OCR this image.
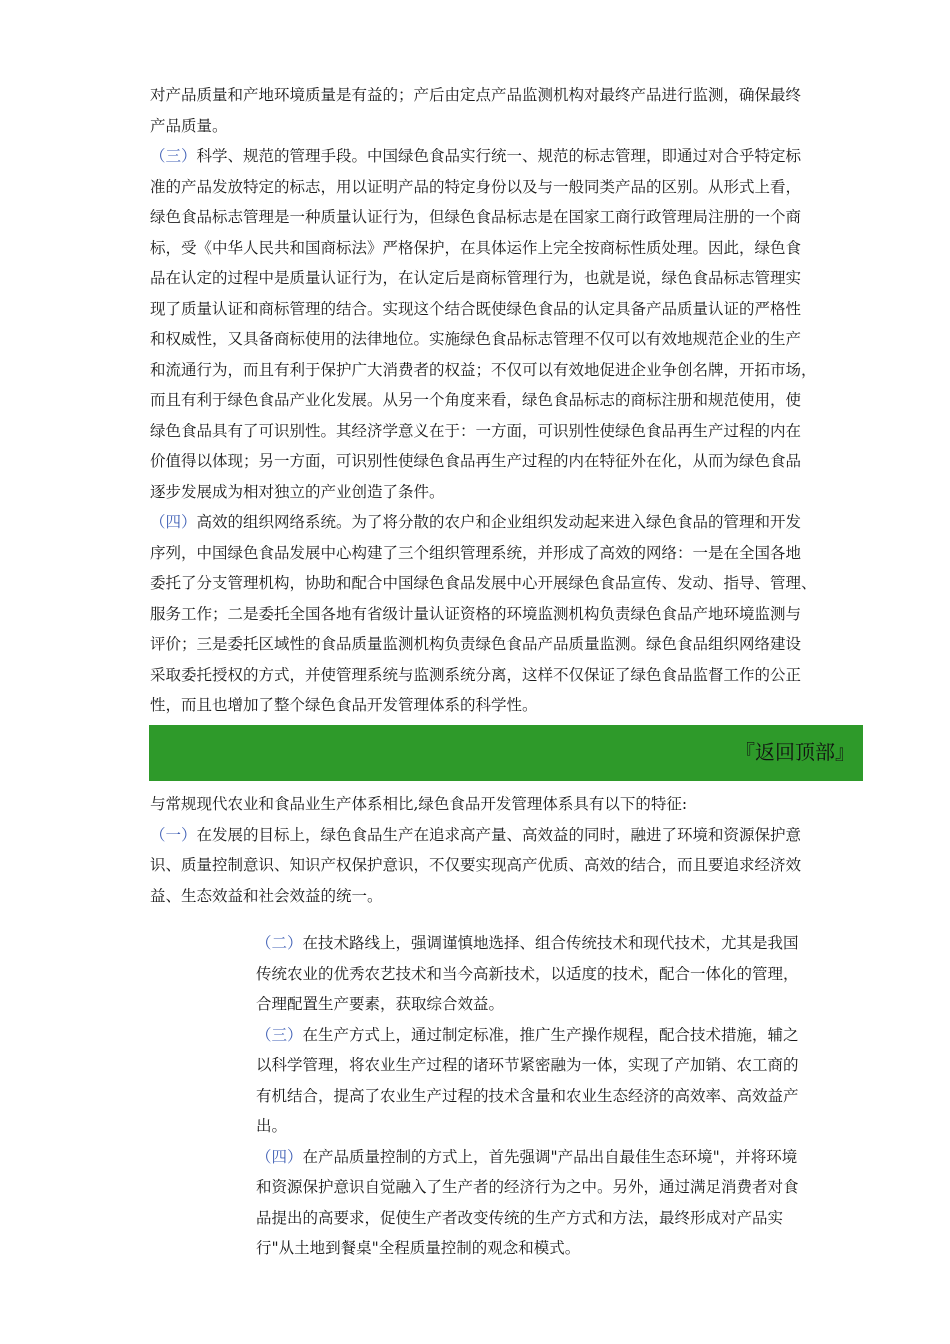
对产品质量和产地环境质量是有益的；产后由定点产品监测机构对最终产品进行监测，确保最终
产品质量。
（三）科学、规范的管理手段。中国绿色食品实行统一、规范的标志管理，即通过对合乎特定标
准的产品发放特定的标志，用以证明产品的特定身份以及与一般同类产品的区别。从形式上看，
绿色食品标志管理是一种质量认证行为，但绿色食品标志是在国家工商行政管理局注册的一个商
标，受《中华人民共和国商标法》严格保护，在具体运作上完全按商标性质处理。因此，绿色食
品在认定的过程中是质量认证行为，在认定后是商标管理行为，也就是说，绿色食品标志管理实
现了质量认证和商标管理的结合。实现这个结合既使绿色食品的认定具备产品质量认证的严格性
和权威性，又具备商标使用的法律地位。实施绿色食品标志管理不仅可以有效地规范企业的生产
和流通行为，而且有利于保护广大消费者的权益；不仅可以有效地促进企业争创名牌，开拓市场，
而且有利于绿色食品产业化发展。从另一个角度来看，绿色食品标志的商标注册和规范使用，使
绿色食品具有了可识别性。其经济学意义在于：一方面，可识别性使绿色食品再生产过程的内在
价值得以体现；另一方面，可识别性使绿色食品再生产过程的内在特征外在化，从而为绿色食品
逐步发展成为相对独立的产业创造了条件。
（四）高效的组织网络系统。为了将分散的农户和企业组织发动起来进入绿色食品的管理和开发
序列，中国绿色食品发展中心构建了三个组织管理系统，并形成了高效的网络：一是在全国各地
委托了分支管理机构，协助和配合中国绿色食品发展中心开展绿色食品宣传、发动、指导、管理、
服务工作；二是委托全国各地有省级计量认证资格的环境监测机构负责绿色食品产地环境监测与
评价；三是委托区域性的食品质量监测机构负责绿色食品产品质量监测。绿色食品组织网络建设
采取委托授权的方式，并使管理系统与监测系统分离，这样不仅保证了绿色食品监督工作的公正
性，而且也增加了整个绿色食品开发管理体系的科学性。
『返回顶部』
与常规现代农业和食品业生产体系相比,绿色食品开发管理体系具有以下的特征:
（一）在发展的目标上，绿色食品生产在追求高产量、高效益的同时，融进了环境和资源保护意
识、质量控制意识、知识产权保护意识，不仅要实现高产优质、高效的结合，而且要追求经济效
益、生态效益和社会效益的统一。
（二）在技术路线上，强调谨慎地选择、组合传统技术和现代技术，尤其是我国
传统农业的优秀农艺技术和当今高新技术，以适度的技术，配合一体化的管理，
合理配置生产要素，获取综合效益。
（三）在生产方式上，通过制定标准，推广生产操作规程，配合技术措施，辅之
以科学管理，将农业生产过程的诸环节紧密融为一体，实现了产加销、农工商的
有机结合，提高了农业生产过程的技术含量和农业生态经济的高效率、高效益产
出。
（四）在产品质量控制的方式上，首先强调"产品出自最佳生态环境"，并将环境
和资源保护意识自觉融入了生产者的经济行为之中。另外，通过满足消费者对食
品提出的高要求，促使生产者改变传统的生产方式和方法，最终形成对产品实
行"从土地到餐桌"全程质量控制的观念和模式。
